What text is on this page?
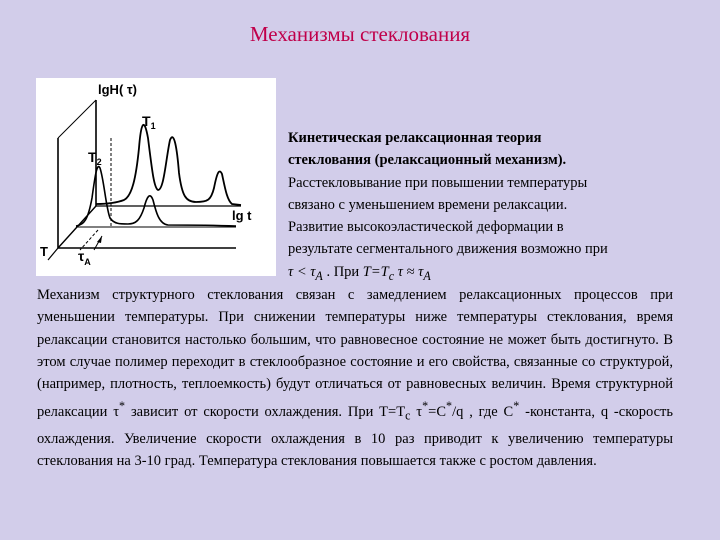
Механизмы стеклования
lgH( τ)
$T_1$
$T_2$
lg t
T $\tau_A$
Кинетическая релаксационная теория
стеклования (релаксационный механизм).
Расстекловывание при повышении температуры
связано с уменьшением времени релаксации.
Развитие высокоэластической деформации в
результате сегментального движения возможно при
$\tau < \tau_A$ . При $T=T_c$ $\tau \approx \tau_A$

Механизм структурного стеклования связан с замедлением релаксационных процессов при уменьшении температуры. При снижении температуры ниже температуры стеклования, время релаксации становится настолько большим, что равновесное состояние не может быть достигнуто. В этом случае полимер переходит в стеклообразное состояние и его свойства, связанные со структурой, (например, плотность, теплоемкость) будут отличаться от равновесных величин. Время структурной релаксации τ* зависит от скорости охлаждения. При $Т=Т_с$ τ*=С*/q , где С* -константа, q -скорость охлаждения. Увеличение скорости охлаждения в 10 раз приводит к увеличению температуры стеклования на 3-10 град. Температура стеклования повышается также с ростом давления.
